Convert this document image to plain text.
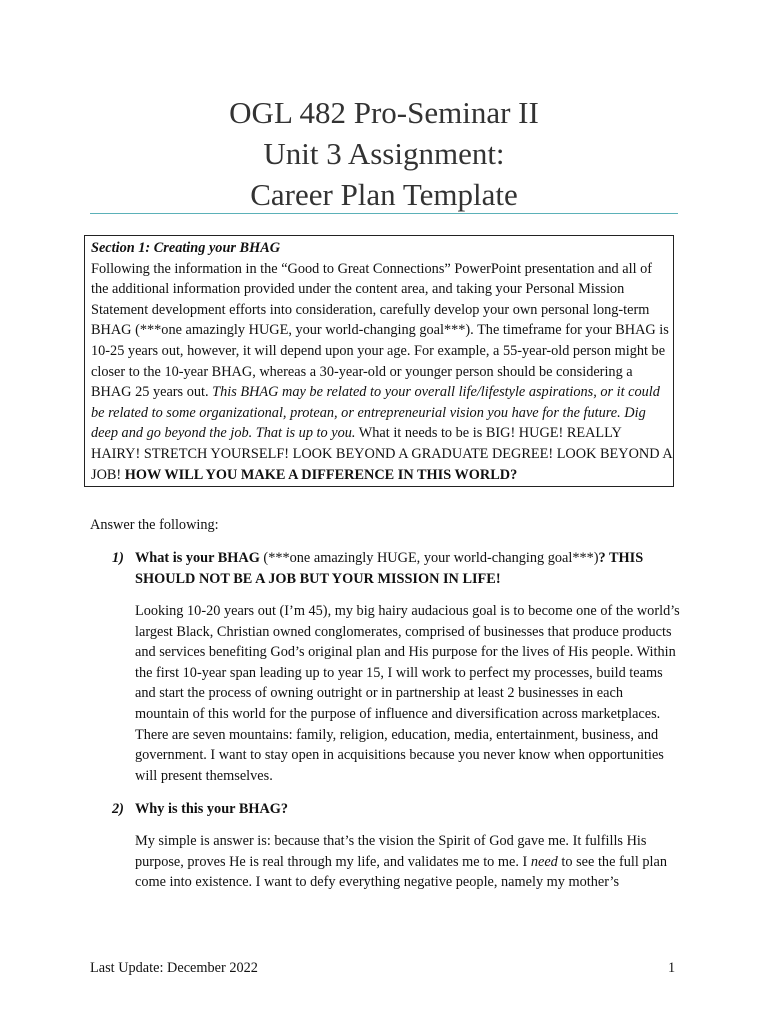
OGL 482 Pro-Seminar II
Unit 3 Assignment:
Career Plan Template
Section 1: Creating your BHAG
Following the information in the “Good to Great Connections” PowerPoint presentation and all of the additional information provided under the content area, and taking your Personal Mission Statement development efforts into consideration, carefully develop your own personal long-term BHAG (***one amazingly HUGE, your world-changing goal***). The timeframe for your BHAG is 10-25 years out, however, it will depend upon your age. For example, a 55-year-old person might be closer to the 10-year BHAG, whereas a 30-year-old or younger person should be considering a BHAG 25 years out. This BHAG may be related to your overall life/lifestyle aspirations, or it could be related to some organizational, protean, or entrepreneurial vision you have for the future. Dig deep and go beyond the job. That is up to you. What it needs to be is BIG! HUGE! REALLY HAIRY! STRETCH YOURSELF! LOOK BEYOND A GRADUATE DEGREE! LOOK BEYOND A JOB! HOW WILL YOU MAKE A DIFFERENCE IN THIS WORLD?
Answer the following:
1) What is your BHAG (***one amazingly HUGE, your world-changing goal***)? THIS SHOULD NOT BE A JOB BUT YOUR MISSION IN LIFE!
Looking 10-20 years out (I’m 45), my big hairy audacious goal is to become one of the world’s largest Black, Christian owned conglomerates, comprised of businesses that produce products and services benefiting God’s original plan and His purpose for the lives of His people. Within the first 10-year span leading up to year 15, I will work to perfect my processes, build teams and start the process of owning outright or in partnership at least 2 businesses in each mountain of this world for the purpose of influence and diversification across marketplaces. There are seven mountains: family, religion, education, media, entertainment, business, and government. I want to stay open in acquisitions because you never know when opportunities will present themselves.
2) Why is this your BHAG?
My simple is answer is: because that’s the vision the Spirit of God gave me. It fulfills His purpose, proves He is real through my life, and validates me to me. I need to see the full plan come into existence. I want to defy everything negative people, namely my mother’s
Last Update: December 2022	1
